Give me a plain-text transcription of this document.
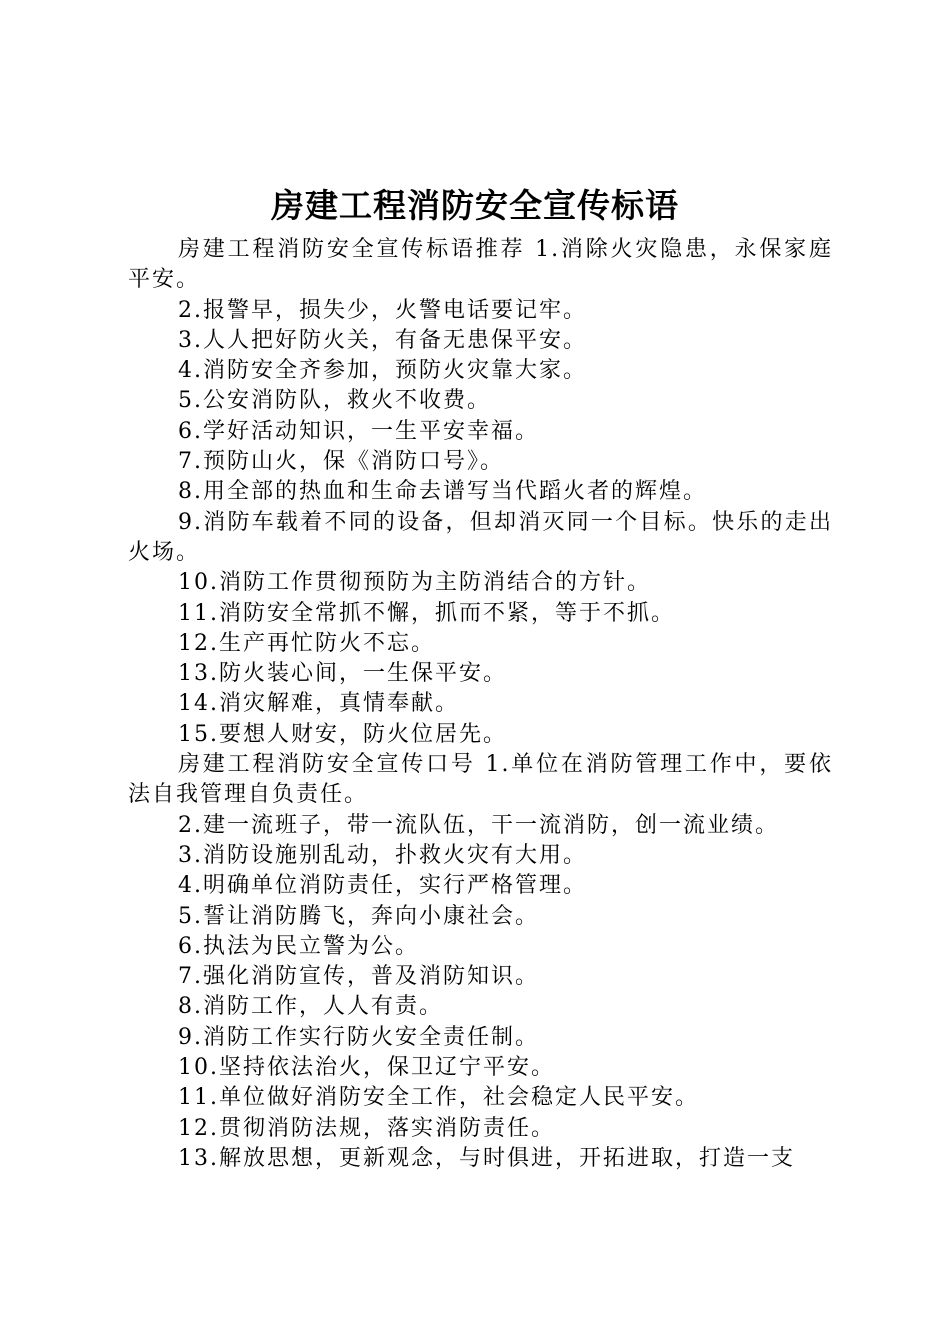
房建工程消防安全宣传标语

房建工程消防安全宣传标语推荐 1.消除火灾隐患，永保家庭平安。

2.报警早，损失少，火警电话要记牢。

3.人人把好防火关，有备无患保平安。

4.消防安全齐参加，预防火灾靠大家。

5.公安消防队，救火不收费。

6.学好活动知识，一生平安幸福。

7.预防山火，保《消防口号》。

8.用全部的热血和生命去谱写当代蹈火者的辉煌。

9.消防车载着不同的设备，但却消灭同一个目标。快乐的走出火场。

10.消防工作贯彻预防为主防消结合的方针。

11.消防安全常抓不懈，抓而不紧，等于不抓。

12.生产再忙防火不忘。

13.防火装心间，一生保平安。

14.消灾解难，真情奉献。

15.要想人财安，防火位居先。

房建工程消防安全宣传口号 1.单位在消防管理工作中，要依法自我管理自负责任。

2.建一流班子，带一流队伍，干一流消防，创一流业绩。

3.消防设施别乱动，扑救火灾有大用。

4.明确单位消防责任，实行严格管理。

5.誓让消防腾飞，奔向小康社会。

6.执法为民立警为公。

7.强化消防宣传，普及消防知识。

8.消防工作，人人有责。

9.消防工作实行防火安全责任制。

10.坚持依法治火，保卫辽宁平安。

11.单位做好消防安全工作，社会稳定人民平安。

12.贯彻消防法规，落实消防责任。

13.解放思想，更新观念，与时俱进，开拓进取，打造一支
